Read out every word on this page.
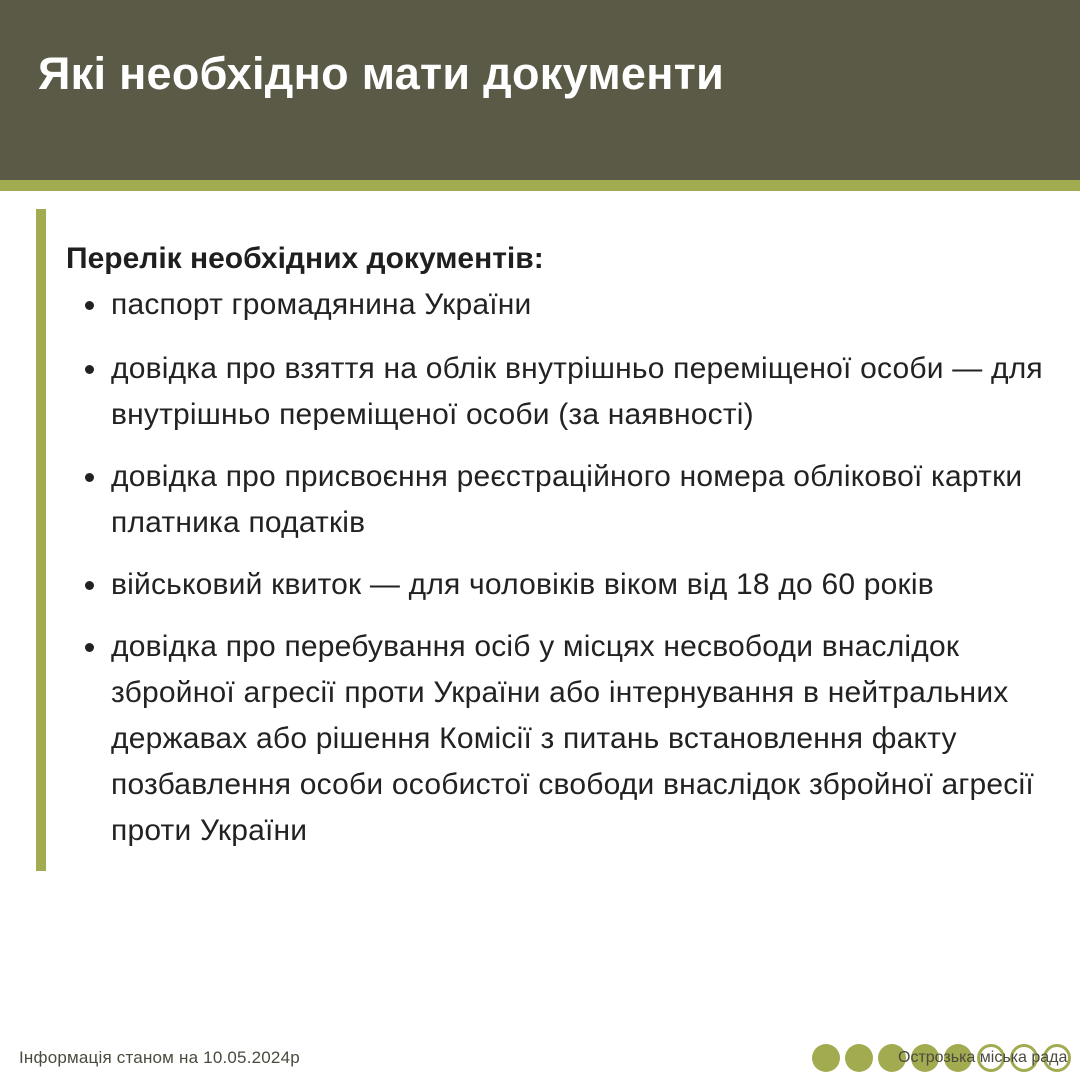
Які необхідно мати документи

Перелік необхідних документів:

паспорт громадянина України
довідка про взяття на облік внутрішньо переміщеної особи — для внутрішньо переміщеної особи (за наявності)
довідка про присвоєння реєстраційного номера облікової картки платника податків
військовий квиток — для чоловіків віком від 18 до 60 років
довідка про перебування осіб у місцях несвободи внаслідок збройної агресії проти України або інтернування в нейтральних державах або рішення Комісії з питань встановлення факту позбавлення особи особистої свободи внаслідок збройної агресії проти України
Інформація станом на 10.05.2024р	Острозька міська рада
